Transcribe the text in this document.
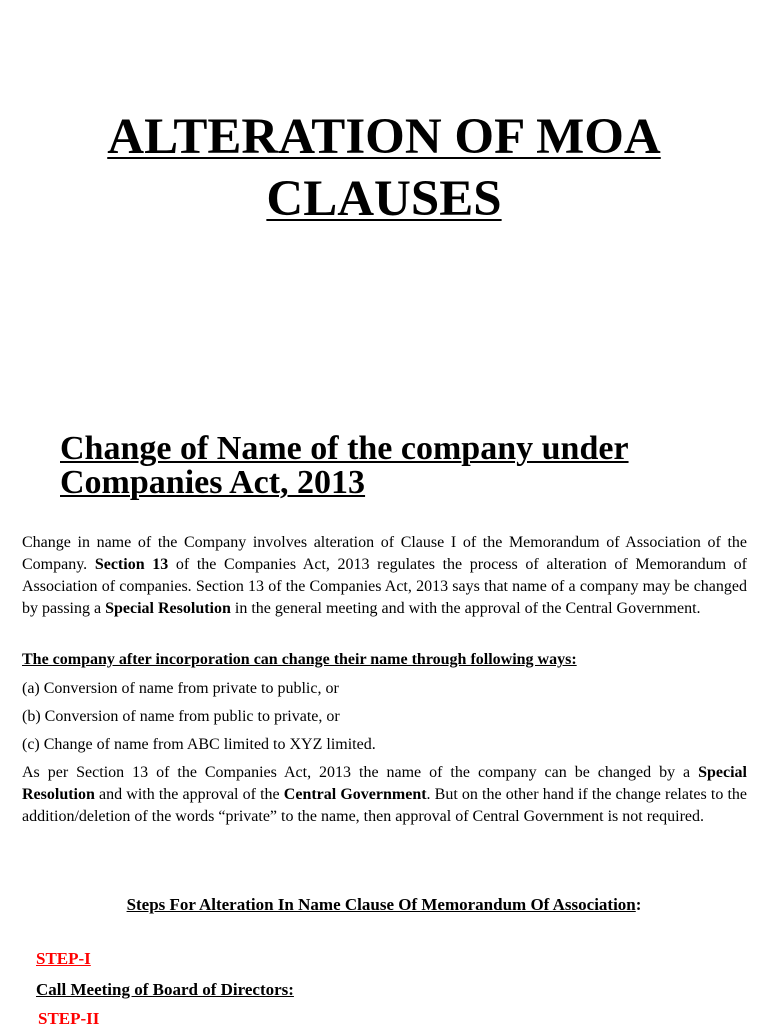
ALTERATION OF MOA
CLAUSES
Change of Name of the company under
Companies Act, 2013

Change in name of the Company involves alteration of Clause I of the Memorandum of Association of the Company. Section 13 of the Companies Act, 2013 regulates the process of alteration of Memorandum of Association of companies. Section 13 of the Companies Act, 2013 says that name of a company may be changed by passing a Special Resolution in the general meeting and with the approval of the Central Government.

The company after incorporation can change their name through following ways:

(a) Conversion of name from private to public, or

(b) Conversion of name from public to private, or

(c) Change of name from ABC limited to XYZ limited.

As per Section 13 of the Companies Act, 2013 the name of the company can be changed by a Special Resolution and with the approval of the Central Government. But on the other hand if the change relates to the addition/deletion of the words “private” to the name, then approval of Central Government is not required.

Steps For Alteration In Name Clause Of Memorandum Of Association:

STEP-I

Call Meeting of Board of Directors:

STEP-II
